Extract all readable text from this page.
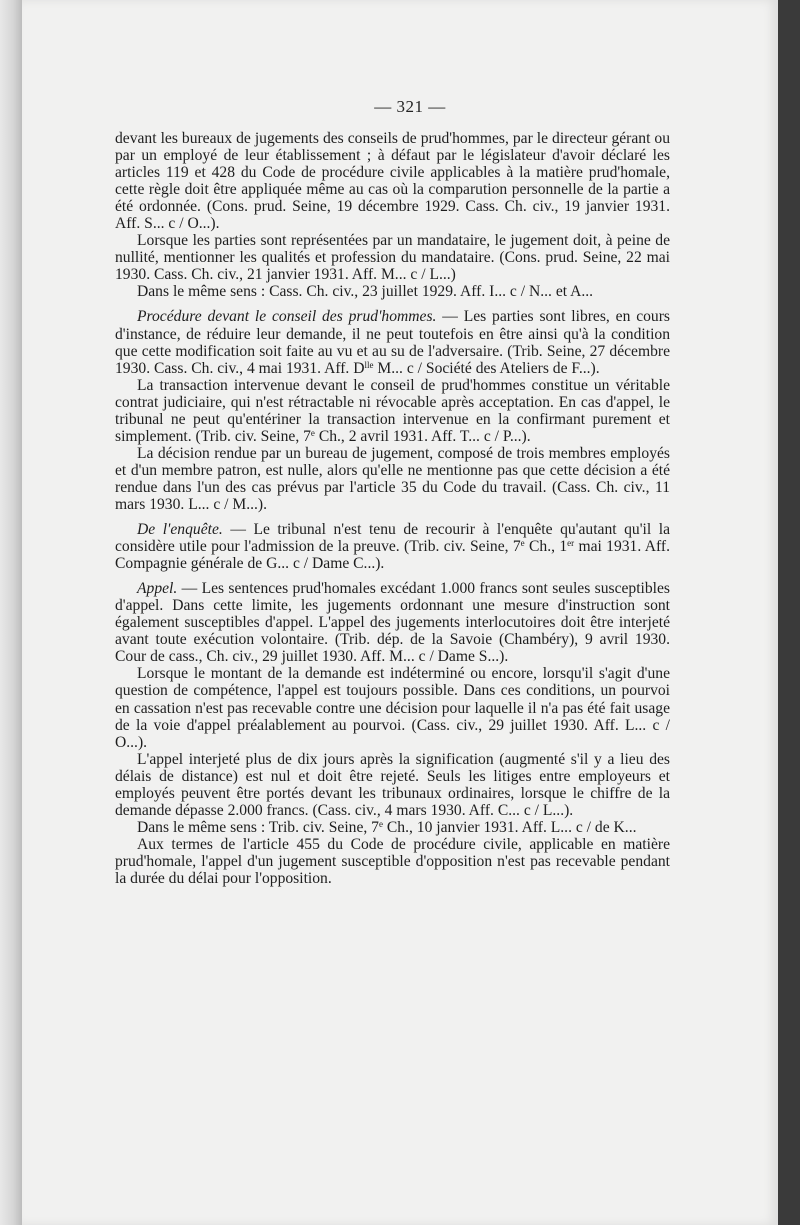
— 321 —

devant les bureaux de jugements des conseils de prud'hommes, par le directeur gérant ou par un employé de leur établissement ; à défaut par le législateur d'avoir déclaré les articles 119 et 428 du Code de procédure civile applicables à la matière prud'homale, cette règle doit être appliquée même au cas où la comparution personnelle de la partie a été ordonnée. (Cons. prud. Seine, 19 décembre 1929. Cass. Ch. civ., 19 janvier 1931. Aff. S... c / O...).

Lorsque les parties sont représentées par un mandataire, le jugement doit, à peine de nullité, mentionner les qualités et profession du mandataire. (Cons. prud. Seine, 22 mai 1930. Cass. Ch. civ., 21 janvier 1931. Aff. M... c / L...)

Dans le même sens : Cass. Ch. civ., 23 juillet 1929. Aff. I... c / N... et A...

Procédure devant le conseil des prud'hommes. — Les parties sont libres, en cours d'instance, de réduire leur demande, il ne peut toutefois en être ainsi qu'à la condition que cette modification soit faite au vu et au su de l'adversaire. (Trib. Seine, 27 décembre 1930. Cass. Ch. civ., 4 mai 1931. Aff. $D^{lle}$ M... c / Société des Ateliers de F...).

La transaction intervenue devant le conseil de prud'hommes constitue un véritable contrat judiciaire, qui n'est rétractable ni révocable après acceptation. En cas d'appel, le tribunal ne peut qu'entériner la transaction intervenue en la confirmant purement et simplement. (Trib. civ. Seine, 7e Ch., 2 avril 1931. Aff. T... c / P...).

La décision rendue par un bureau de jugement, composé de trois membres employés et d'un membre patron, est nulle, alors qu'elle ne mentionne pas que cette décision a été rendue dans l'un des cas prévus par l'article 35 du Code du travail. (Cass. Ch. civ., 11 mars 1930. L... c / M...).

De l'enquête. — Le tribunal n'est tenu de recourir à l'enquête qu'autant qu'il la considère utile pour l'admission de la preuve. (Trib. civ. Seine, 7e Ch., 1er mai 1931. Aff. Compagnie générale de G... c / Dame C...).

Appel. — Les sentences prud'homales excédant 1.000 francs sont seules susceptibles d'appel. Dans cette limite, les jugements ordonnant une mesure d'instruction sont également susceptibles d'appel. L'appel des jugements interlocutoires doit être interjeté avant toute exécution volontaire. (Trib. dép. de la Savoie (Chambéry), 9 avril 1930. Cour de cass., Ch. civ., 29 juillet 1930. Aff. M... c / Dame S...).

Lorsque le montant de la demande est indéterminé ou encore, lorsqu'il s'agit d'une question de compétence, l'appel est toujours possible. Dans ces conditions, un pourvoi en cassation n'est pas recevable contre une décision pour laquelle il n'a pas été fait usage de la voie d'appel préalablement au pourvoi. (Cass. civ., 29 juillet 1930. Aff. L... c / O...).

L'appel interjeté plus de dix jours après la signification (augmenté s'il y a lieu des délais de distance) est nul et doit être rejeté. Seuls les litiges entre employeurs et employés peuvent être portés devant les tribunaux ordinaires, lorsque le chiffre de la demande dépasse 2.000 francs. (Cass. civ., 4 mars 1930. Aff. C... c / L...).

Dans le même sens : Trib. civ. Seine, 7e Ch., 10 janvier 1931. Aff. L... c / de K...

Aux termes de l'article 455 du Code de procédure civile, applicable en matière prud'homale, l'appel d'un jugement susceptible d'opposition n'est pas recevable pendant la durée du délai pour l'opposition.
